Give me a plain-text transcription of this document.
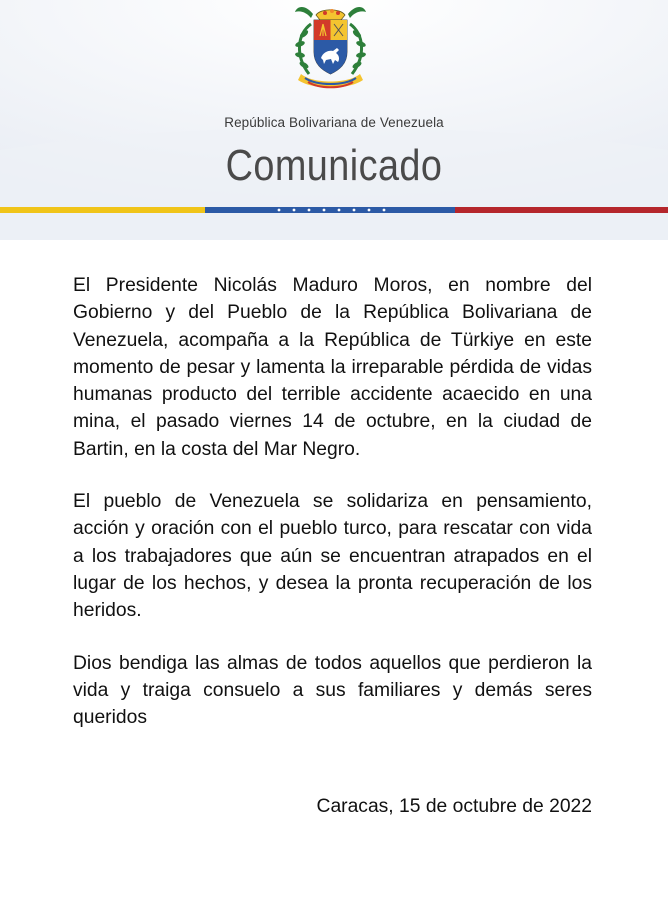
República Bolivariana de Venezuela
Comunicado

El Presidente Nicolás Maduro Moros, en nombre del Gobierno y del Pueblo de la República Bolivariana de Venezuela, acompaña a la República de Türkiye en este momento de pesar y lamenta la irreparable pérdida de vidas humanas producto del terrible accidente acaecido en una mina, el pasado viernes 14 de octubre, en la ciudad de Bartin, en la costa del Mar Negro.

El pueblo de Venezuela se solidariza en pensamiento, acción y oración con el pueblo turco, para rescatar con vida a los trabajadores que aún se encuentran atrapados en el lugar de los hechos, y desea la pronta recuperación de los heridos.

Dios bendiga las almas de todos aquellos que perdieron la vida y traiga consuelo a sus familiares y demás seres queridos

Caracas, 15 de octubre de 2022
